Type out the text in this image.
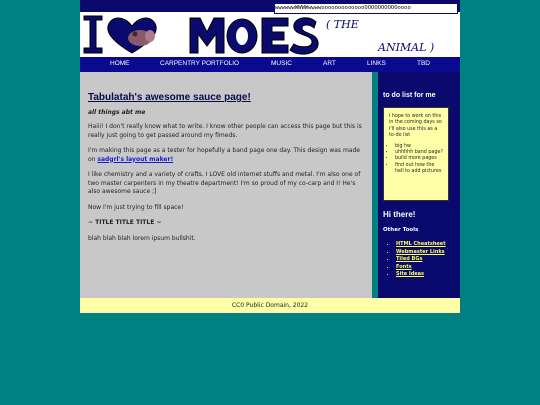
wwwwwwWWWWwwwwoooooooooooooOOOOOOOOOOoooo
( THE
ANIMAL )
HOME	CARPENTRY PORTFOLIO	MUSIC	ART	LINKS	TBD
Tabulatah's awesome sauce page!
all things abt me

Haiii! I don't really know what to write. I know other people can access this page but this is really just going to get passed around my fimeds.

I'm making this page as a tester for hopefully a band page one day. This design was made on sadgrl's layout maker!

I like chemistry and a variety of crafts. I LOVE old internet stuffs and metal. I'm also one of two master carpenters in my theatre department! I'm so proud of my co-carp and I! He's also awesome sauce ;]

Now I'm just trying to fill space!

~ TITLE TITLE TITLE ~

blah blah blah lorem ipsum bullshit.

to do list for me
i hope to work on this in the coming days so i'll also use this as a to-do list
• big hw
• uhhhhh band page?
• build more pages
• find out how the hell to add pictures
Hi there!
Other Tools
• HTML Cheatsheet
• Webmaster Links
• Tiled BGs
• Fonts
• Site Ideas
CC0 Public Domain, 2022
